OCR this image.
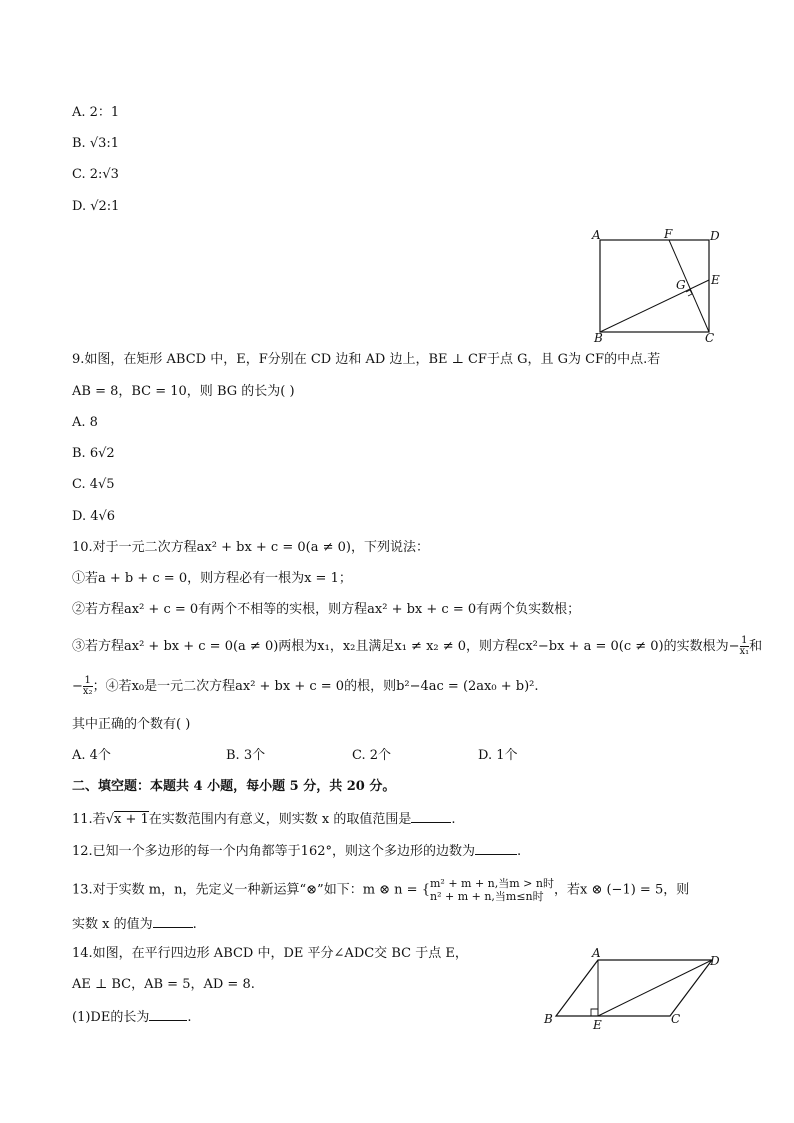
A. 2：1
B. √3:1
C. 2:√3
D. √2:1
A	F	D
E
G
B	C
9.如图，在矩形 ABCD 中，E，F分别在 CD 边和 AD 边上，BE ⊥ CF于点 G，且 G为 CF的中点.若
AB = 8，BC = 10，则 BG 的长为( )
A. 8
B. 6√2
C. 4√5
D. 4√6
10.对于一元二次方程ax² + bx + c = 0(a ≠ 0)，下列说法：
①若a + b + c = 0，则方程必有一根为x = 1；
②若方程ax² + c = 0有两个不相等的实根，则方程ax² + bx + c = 0有两个负实数根；
③若方程ax² + bx + c = 0(a ≠ 0)两根为x₁，x₂且满足x₁ ≠ x₂ ≠ 0，则方程cx²−bx + a = 0(c ≠ 0)的实数根为− $\frac{1}{\text{x₁}}$ 和
− $\frac{1}{\text{x₂}}$ ；④若x₀是一元二次方程ax² + bx + c = 0的根，则b²−4ac = (2ax₀ + b)².
其中正确的个数有( )
A. 4个	B. 3个	C. 2个	D. 1个
二、填空题：本题共 4 小题，每小题 5 分，共 20 分。
11.若√x + 1在实数范围内有意义，则实数 x 的取值范围是	.
12.已知一个多边形的每一个内角都等于162°，则这个多边形的边数为	.
13.对于实数 m，n，先定义一种新运算“⊗”如下：m ⊗ n = { m² + m + n,当m > n时
n² + m + n,当m≤n时 ，若x ⊗ (−1) = 5，则
实数 x 的值为	.
14.如图，在平行四边形 ABCD 中，DE 平分∠ADC交 BC 于点 E，
AE ⊥ BC，AB = 5，AD = 8.
(1)DE的长为	.
A
D
B	E	C
